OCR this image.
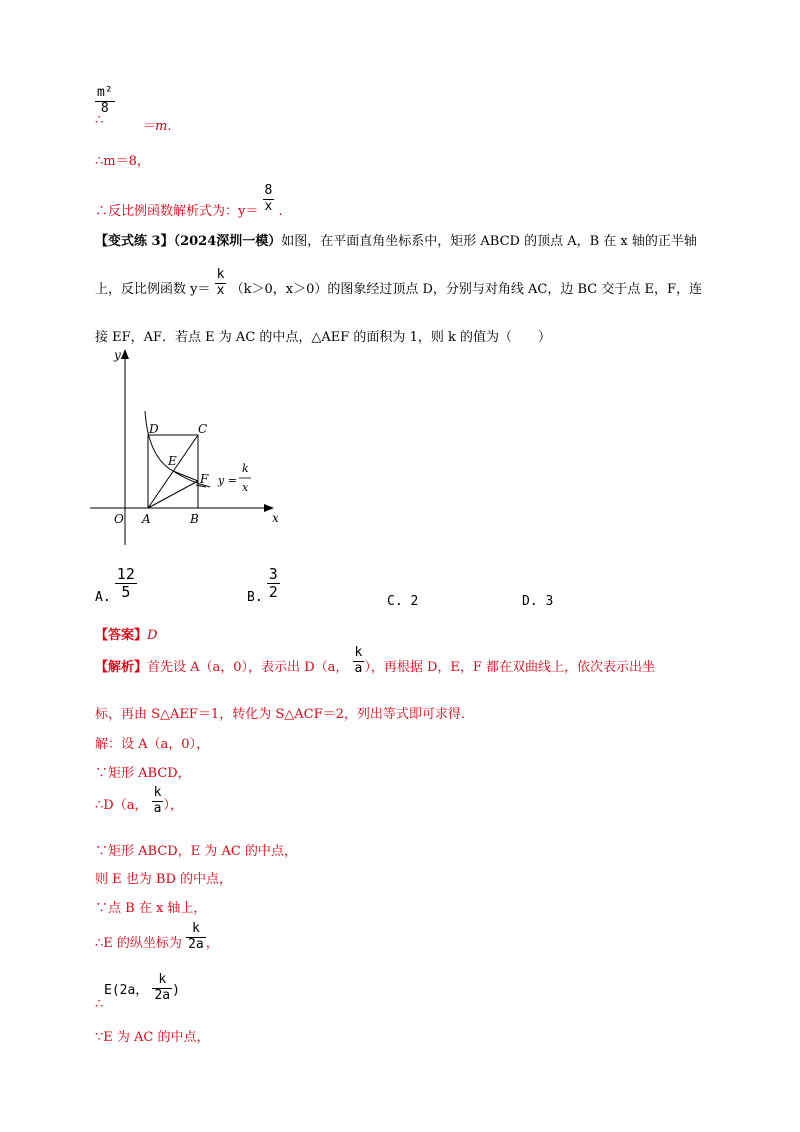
$\frac{\text{m²}}{8}$
∴	＝m.
∴m＝8，
∴反比例函数解析式为：$y= \frac{8}{x}$ .
【变式练 3】（2024深圳一模）如图，在平面直角坐标系中，矩形 ABCD 的顶点 A，B 在 x 轴的正半轴
上，反比例函数 $y= \frac{k}{x} (k>0$，x＞0）的图象经过顶点 D，分别与对角线 AC，边 BC 交于点 E，F，连
接 EF，AF．若点 E 为 AC 的中点，△AEF 的面积为 1，则 k 的值为（　　）
y
x
O A	B
C
D
E
F y =
k
x
A. $\frac{12}{5}$	B. $\frac{3}{2}$	C. 2	D. 3
【答案】D
【解析】首先设 A（a，0），表示出 D（a， $\frac{k}{a}$ ），再根据 D，E，F 都在双曲线上，依次表示出坐
标，再由 S△AEF＝1，转化为 S△ACF＝2，列出等式即可求得.
解：设 A（a，0），
∵矩形 ABCD，
∴D（a， $\frac{k}{a}$ ），
∵矩形 ABCD，E 为 AC 的中点，
则 E 也为 BD 的中点，
∵点 B 在 x 轴上，
∴E 的纵坐标为 $\frac{k}{2a}$ ，
E(2a， $\frac{k}{2a}$ )
∴
∵E 为 AC 的中点，
